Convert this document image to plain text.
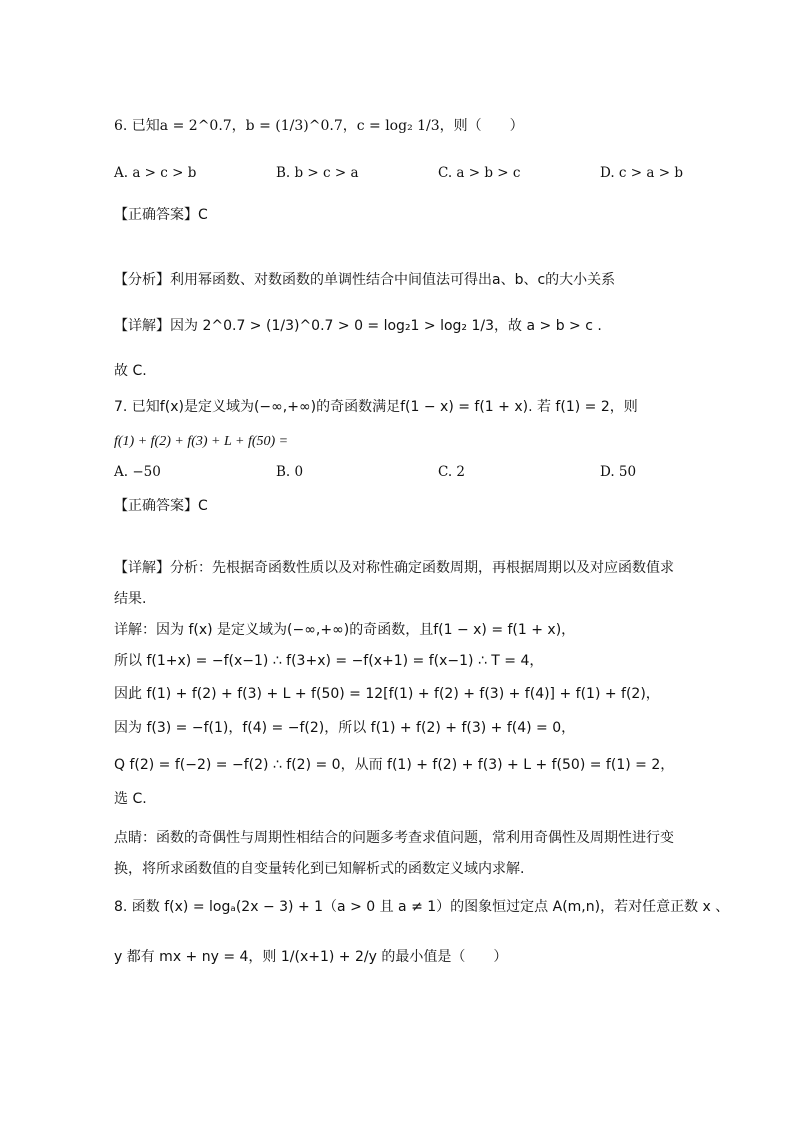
6. 已知a = 2^0.7，b = (1/3)^0.7，c = log₂ 1/3，则（　　）
A. a > c > b	B. b > c > a	C. a > b > c	D. c > a > b
【正确答案】C
【分析】利用幂函数、对数函数的单调性结合中间值法可得出a、b、c的大小关系
【详解】因为 2^0.7 > (1/3)^0.7 > 0 = log₂1 > log₂ 1/3，故 a > b > c .
故 C.
7. 已知f(x)是定义域为(−∞,+∞)的奇函数满足f(1 − x) = f(1 + x). 若 f(1) = 2，则
f(1) + f(2) + f(3) + L + f(50) =
A. −50	B. 0	C. 2	D. 50
【正确答案】C
【详解】分析：先根据奇函数性质以及对称性确定函数周期，再根据周期以及对应函数值求
结果.
详解：因为 f(x) 是定义域为(−∞,+∞)的奇函数，且f(1 − x) = f(1 + x)，
所以 f(1+x) = −f(x−1) ∴ f(3+x) = −f(x+1) = f(x−1) ∴ T = 4，
因此 f(1) + f(2) + f(3) + L + f(50) = 12[f(1) + f(2) + f(3) + f(4)] + f(1) + f(2)，
因为 f(3) = −f(1)，f(4) = −f(2)，所以 f(1) + f(2) + f(3) + f(4) = 0，
Q f(2) = f(−2) = −f(2) ∴ f(2) = 0，从而 f(1) + f(2) + f(3) + L + f(50) = f(1) = 2，
选 C.
点睛：函数的奇偶性与周期性相结合的问题多考查求值问题，常利用奇偶性及周期性进行变
换，将所求函数值的自变量转化到已知解析式的函数定义域内求解.
8. 函数 f(x) = logₐ(2x − 3) + 1（a > 0 且 a ≠ 1）的图象恒过定点 A(m,n)，若对任意正数 x 、
y 都有 mx + ny = 4，则 1/(x+1) + 2/y 的最小值是（　　）
